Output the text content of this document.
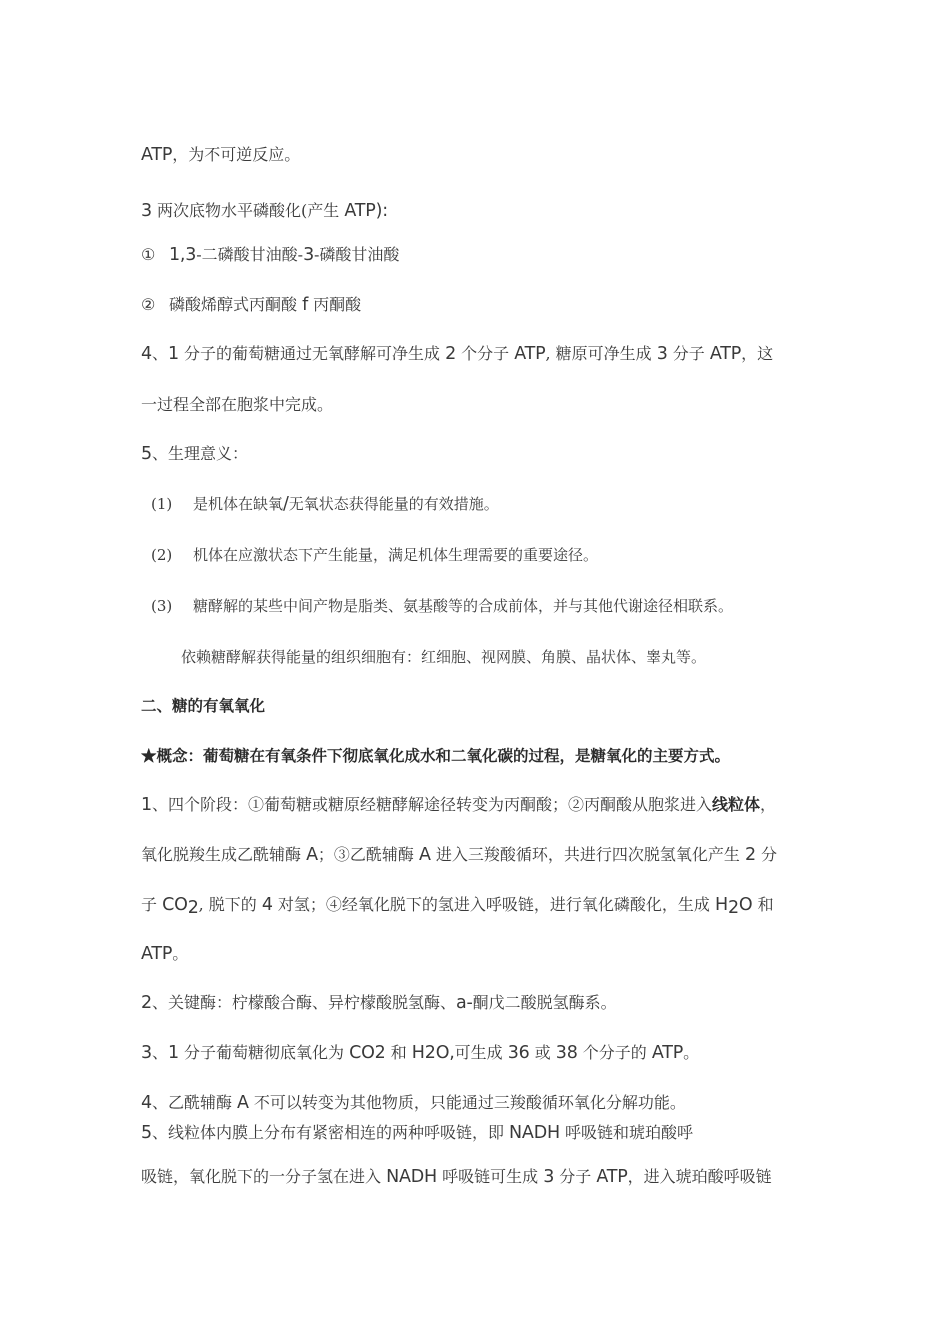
ATP，为不可逆反应。
3 两次底物水平磷酸化(产生 ATP):
① 1,3-二磷酸甘油酸-3-磷酸甘油酸
② 磷酸烯醇式丙酮酸 f 丙酮酸
4、1 分子的葡萄糖通过无氧酵解可净生成 2 个分子 ATP, 糖原可净生成 3 分子 ATP，这
一过程全部在胞浆中完成。
5、生理意义：
(1) 是机体在缺氧/无氧状态获得能量的有效措施。
(2) 机体在应激状态下产生能量，满足机体生理需要的重要途径。
(3) 糖酵解的某些中间产物是脂类、氨基酸等的合成前体，并与其他代谢途径相联系。
依赖糖酵解获得能量的组织细胞有：红细胞、视网膜、角膜、晶状体、睾丸等。
二、糖的有氧氧化
★概念：葡萄糖在有氧条件下彻底氧化成水和二氧化碳的过程，是糖氧化的主要方式。
1、四个阶段：①葡萄糖或糖原经糖酵解途径转变为丙酮酸；②丙酮酸从胞浆进入线粒体，
氧化脱羧生成乙酰辅酶 A；③乙酰辅酶 A 进入三羧酸循环，共进行四次脱氢氧化产生 2 分
子 $CO_2$, 脱下的 4 对氢；④经氧化脱下的氢进入呼吸链，进行氧化磷酸化，生成 $H_2O$ 和
ATP。
2、关键酶：柠檬酸合酶、异柠檬酸脱氢酶、a-酮戊二酸脱氢酶系。
3、1 分子葡萄糖彻底氧化为 CO2 和 H2O,可生成 36 或 38 个分子的 ATP。
4、乙酰辅酶 A 不可以转变为其他物质，只能通过三羧酸循环氧化分解功能。
5、线粒体内膜上分布有紧密相连的两种呼吸链，即 NADH 呼吸链和琥珀酸呼
吸链，氧化脱下的一分子氢在进入 NADH 呼吸链可生成 3 分子 ATP，进入琥珀酸呼吸链
